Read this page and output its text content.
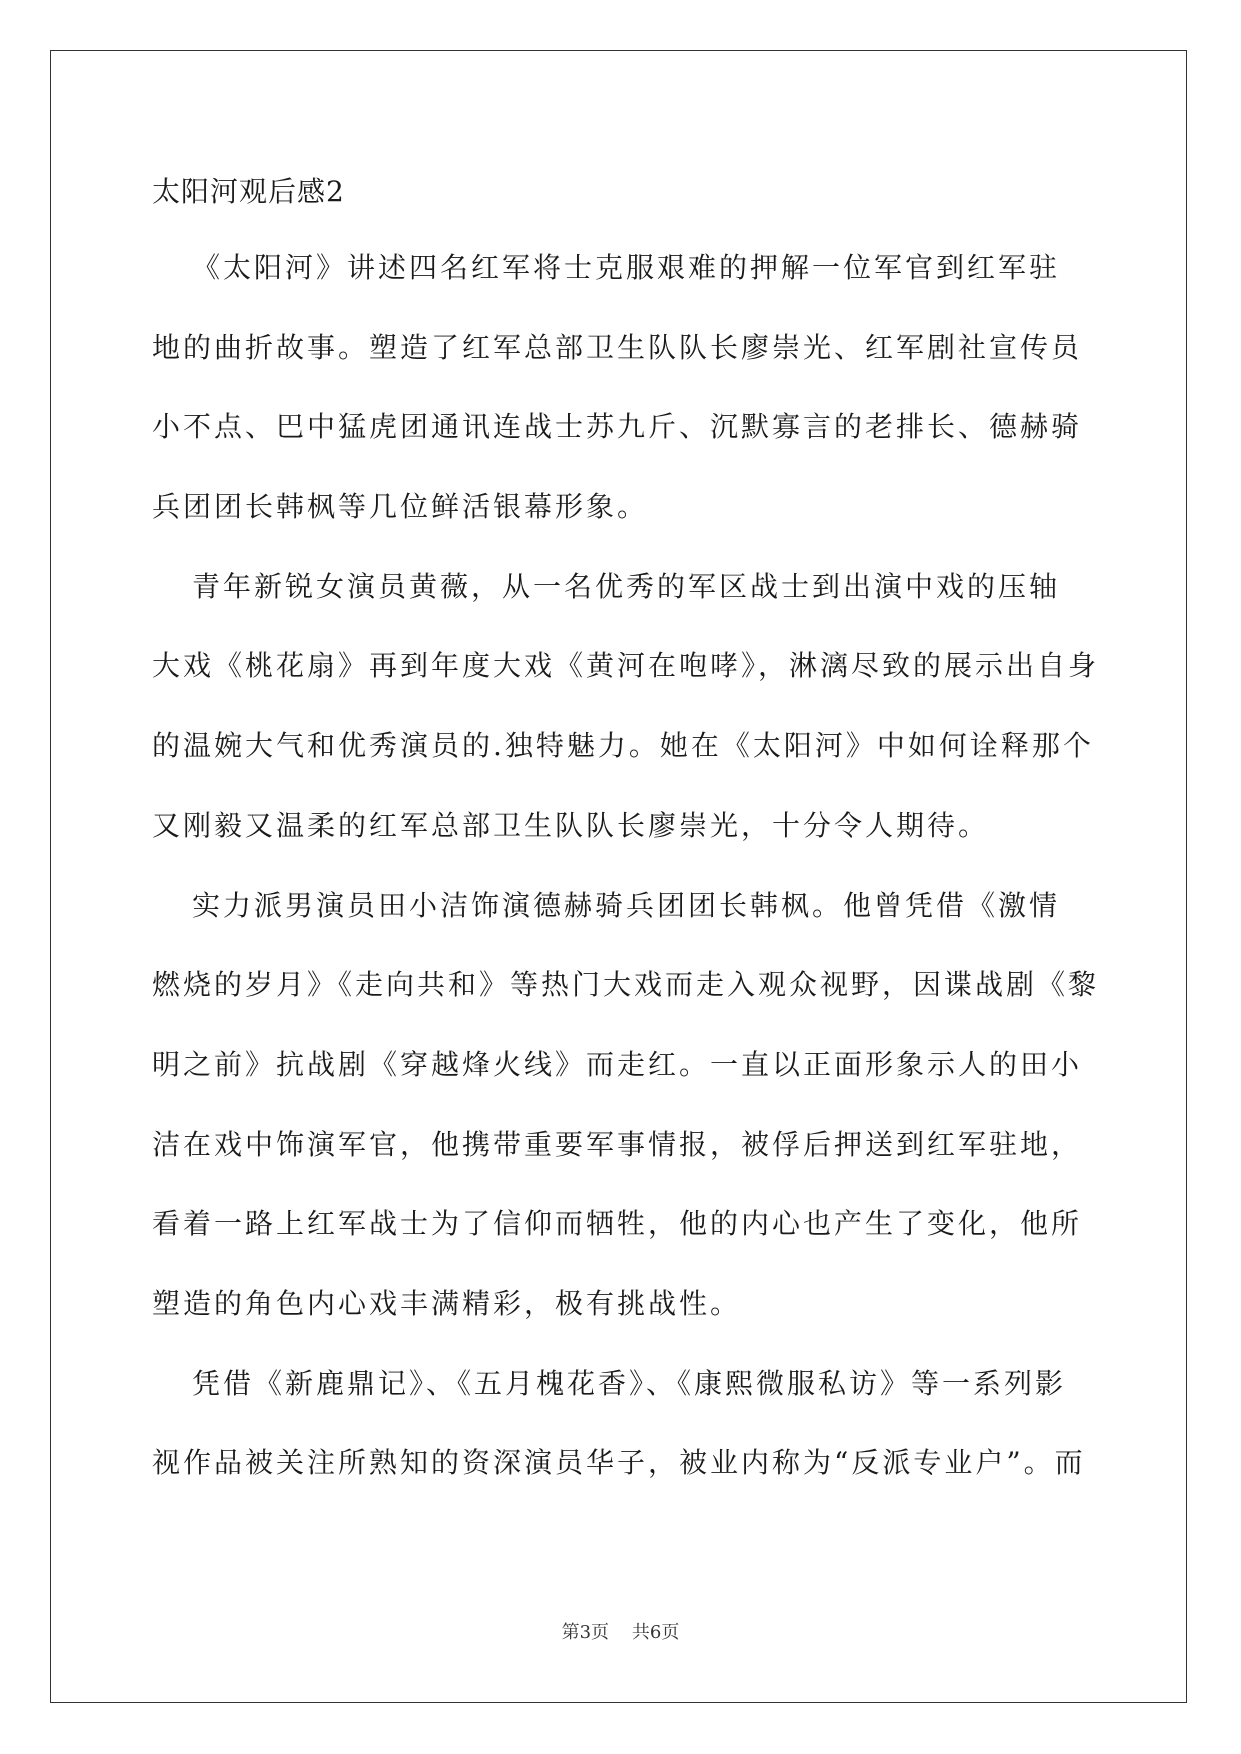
太阳河观后感2
《太阳河》讲述四名红军将士克服艰难的押解一位军官到红军驻
地的曲折故事。塑造了红军总部卫生队队长廖崇光、红军剧社宣传员
小不点、巴中猛虎团通讯连战士苏九斤、沉默寡言的老排长、德赫骑
兵团团长韩枫等几位鲜活银幕形象。
青年新锐女演员黄薇，从一名优秀的军区战士到出演中戏的压轴
大戏《桃花扇》再到年度大戏《黄河在咆哮》，淋漓尽致的展示出自身
的温婉大气和优秀演员的.独特魅力。她在《太阳河》中如何诠释那个
又刚毅又温柔的红军总部卫生队队长廖崇光，十分令人期待。
实力派男演员田小洁饰演德赫骑兵团团长韩枫。他曾凭借《激情
燃烧的岁月》《走向共和》等热门大戏而走入观众视野，因谍战剧《黎
明之前》抗战剧《穿越烽火线》而走红。一直以正面形象示人的田小
洁在戏中饰演军官，他携带重要军事情报，被俘后押送到红军驻地，
看着一路上红军战士为了信仰而牺牲，他的内心也产生了变化，他所
塑造的角色内心戏丰满精彩，极有挑战性。
凭借《新鹿鼎记》、《五月槐花香》、《康熙微服私访》等一系列影
视作品被关注所熟知的资深演员华子，被业内称为“反派专业户”。而
第3页    共6页
